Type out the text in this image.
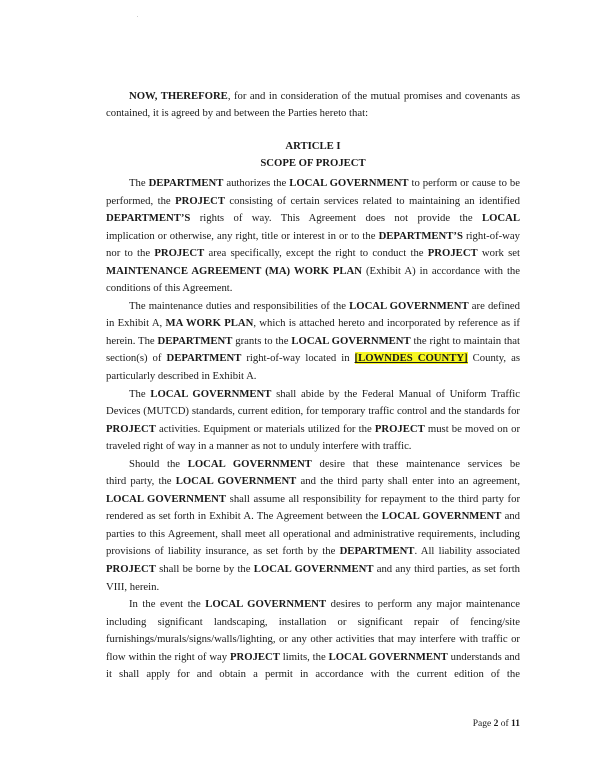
NOW, THEREFORE, for and in consideration of the mutual promises and covenants as
contained, it is agreed by and between the Parties hereto that:
ARTICLE I
SCOPE OF PROJECT
The DEPARTMENT authorizes the LOCAL GOVERNMENT to perform or cause to be
performed, the PROJECT consisting of certain services related to maintaining an identified
DEPARTMENT’S rights of way. This Agreement does not provide the LOCAL
implication or otherwise, any right, title or interest in or to the DEPARTMENT’S right-of-way
nor to the PROJECT area specifically, except the right to conduct the PROJECT work set
MAINTENANCE AGREEMENT (MA) WORK PLAN (Exhibit A) in accordance with the
conditions of this Agreement.
The maintenance duties and responsibilities of the LOCAL GOVERNMENT are defined
in Exhibit A, MA WORK PLAN, which is attached hereto and incorporated by reference as if
herein. The DEPARTMENT grants to the LOCAL GOVERNMENT the right to maintain that
section(s) of DEPARTMENT right-of-way located in [LOWNDES COUNTY] County, as
particularly described in Exhibit A.
The LOCAL GOVERNMENT shall abide by the Federal Manual of Uniform Traffic
Devices (MUTCD) standards, current edition, for temporary traffic control and the standards for
PROJECT activities. Equipment or materials utilized for the PROJECT must be moved on or
traveled right of way in a manner as not to unduly interfere with traffic.
Should the LOCAL GOVERNMENT desire that these maintenance services be
third party, the LOCAL GOVERNMENT and the third party shall enter into an agreement,
LOCAL GOVERNMENT shall assume all responsibility for repayment to the third party for
rendered as set forth in Exhibit A. The Agreement between the LOCAL GOVERNMENT and
parties to this Agreement, shall meet all operational and administrative requirements, including
provisions of liability insurance, as set forth by the DEPARTMENT. All liability associated
PROJECT shall be borne by the LOCAL GOVERNMENT and any third parties, as set forth
VIII, herein.
In the event the LOCAL GOVERNMENT desires to perform any major maintenance
including significant landscaping, installation or significant repair of fencing/site
furnishings/murals/signs/walls/lighting, or any other activities that may interfere with traffic or
flow within the right of way PROJECT limits, the LOCAL GOVERNMENT understands and
it shall apply for and obtain a permit in accordance with the current edition of the
Page 2 of 11
